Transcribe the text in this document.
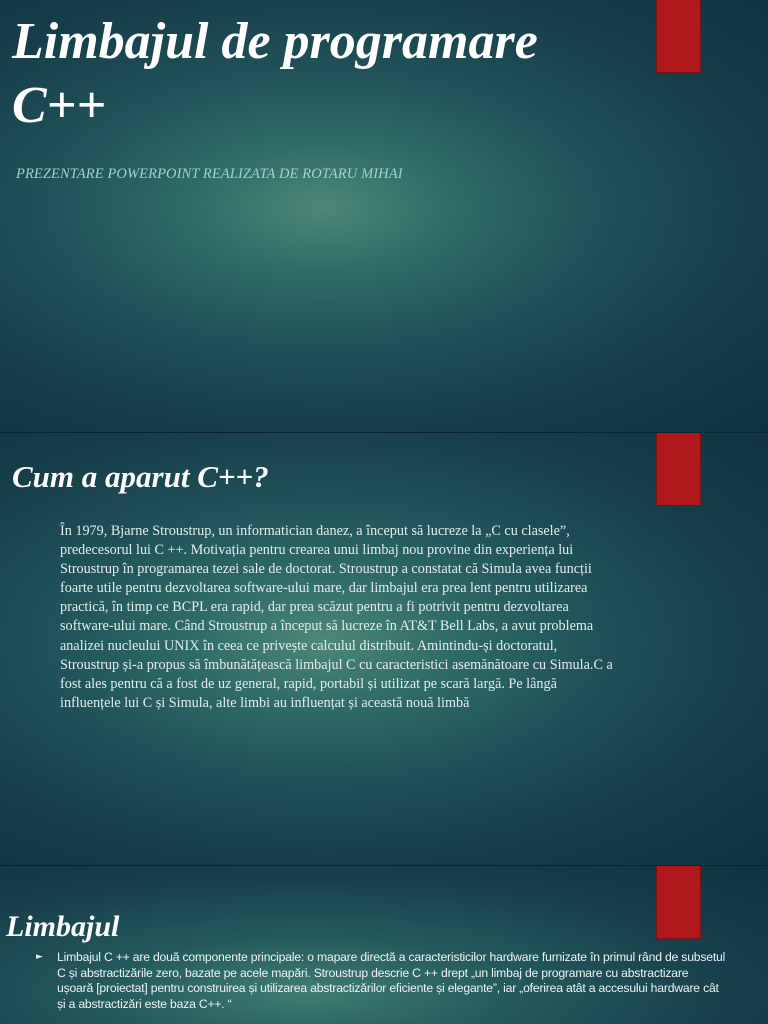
Limbajul de programare C++

PREZENTARE POWERPOINT REALIZATA DE ROTARU MIHAI

Cum a aparut C++?

În 1979, Bjarne Stroustrup, un informatician danez, a început să lucreze la „C cu clasele”, predecesorul lui C ++. Motivația pentru crearea unui limbaj nou provine din experiența lui Stroustrup în programarea tezei sale de doctorat. Stroustrup a constatat că Simula avea funcții foarte utile pentru dezvoltarea software-ului mare, dar limbajul era prea lent pentru utilizarea practică, în timp ce BCPL era rapid, dar prea scăzut pentru a fi potrivit pentru dezvoltarea software-ului mare. Când Stroustrup a început să lucreze în AT&T Bell Labs, a avut problema analizei nucleului UNIX în ceea ce privește calculul distribuit. Amintindu-și doctoratul, Stroustrup și-a propus să îmbunătățească limbajul C cu caracteristici asemănătoare cu Simula.C a fost ales pentru că a fost de uz general, rapid, portabil și utilizat pe scară largă. Pe lângă influențele lui C și Simula, alte limbi au influențat și această nouă limbă

Limbajul
► Limbajul C ++ are două componente principale: o mapare directă a caracteristicilor hardware furnizate în primul rând de subsetul C și abstractizările zero, bazate pe acele mapări. Stroustrup descrie C ++ drept „un limbaj de programare cu abstractizare ușoară [proiectat] pentru construirea și utilizarea abstractizărilor eficiente și elegante”, iar „oferirea atât a accesului hardware cât și a abstractizări este baza C++. “
